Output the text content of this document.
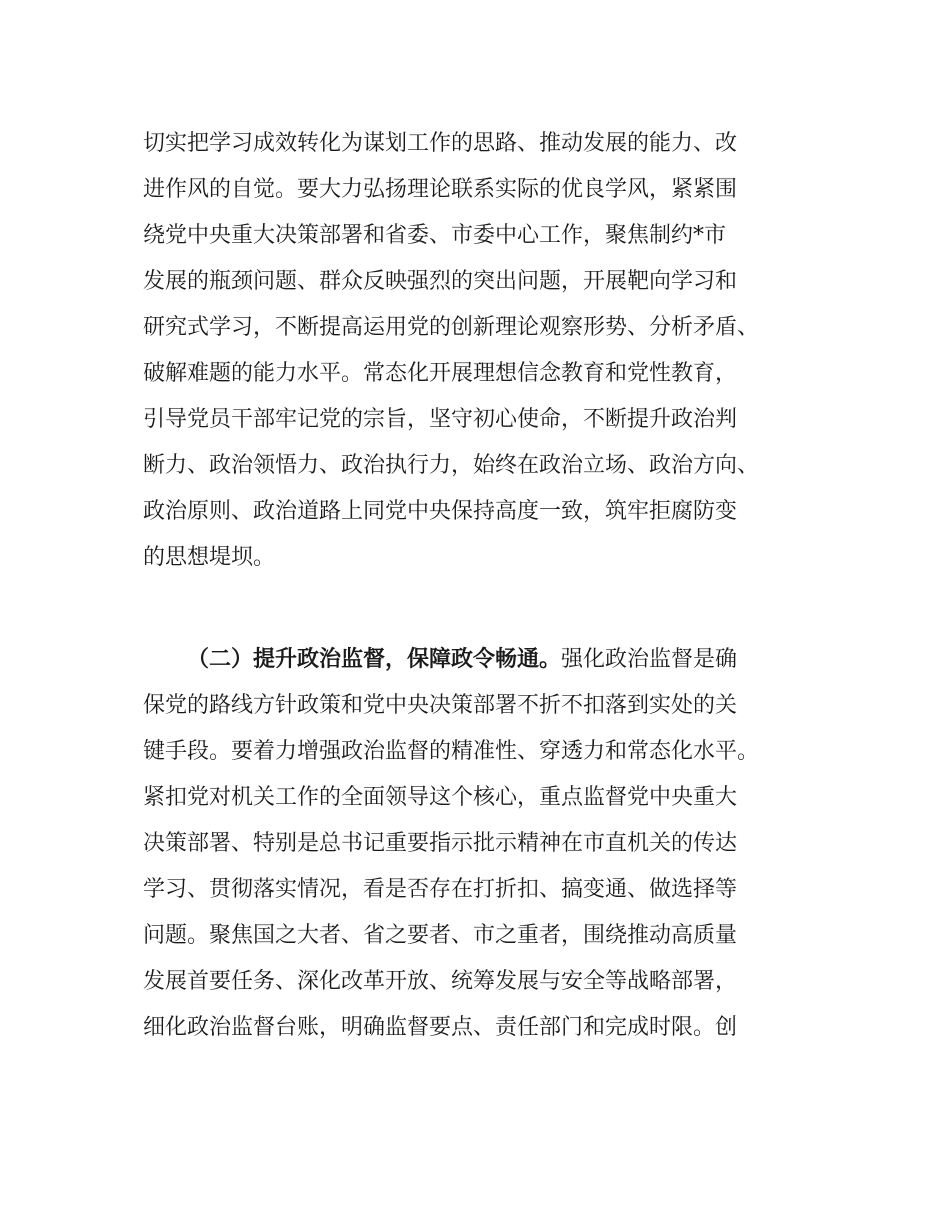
切实把学习成效转化为谋划工作的思路、推动发展的能力、改
进作风的自觉。要大力弘扬理论联系实际的优良学风，紧紧围
绕党中央重大决策部署和省委、市委中心工作，聚焦制约*市
发展的瓶颈问题、群众反映强烈的突出问题，开展靶向学习和
研究式学习，不断提高运用党的创新理论观察形势、分析矛盾、
破解难题的能力水平。常态化开展理想信念教育和党性教育，
引导党员干部牢记党的宗旨，坚守初心使命，不断提升政治判
断力、政治领悟力、政治执行力，始终在政治立场、政治方向、
政治原则、政治道路上同党中央保持高度一致，筑牢拒腐防变
的思想堤坝。
（二）提升政治监督，保障政令畅通。强化政治监督是确
保党的路线方针政策和党中央决策部署不折不扣落到实处的关
键手段。要着力增强政治监督的精准性、穿透力和常态化水平。
紧扣党对机关工作的全面领导这个核心，重点监督党中央重大
决策部署、特别是总书记重要指示批示精神在市直机关的传达
学习、贯彻落实情况，看是否存在打折扣、搞变通、做选择等
问题。聚焦国之大者、省之要者、市之重者，围绕推动高质量
发展首要任务、深化改革开放、统筹发展与安全等战略部署，
细化政治监督台账，明确监督要点、责任部门和完成时限。创
